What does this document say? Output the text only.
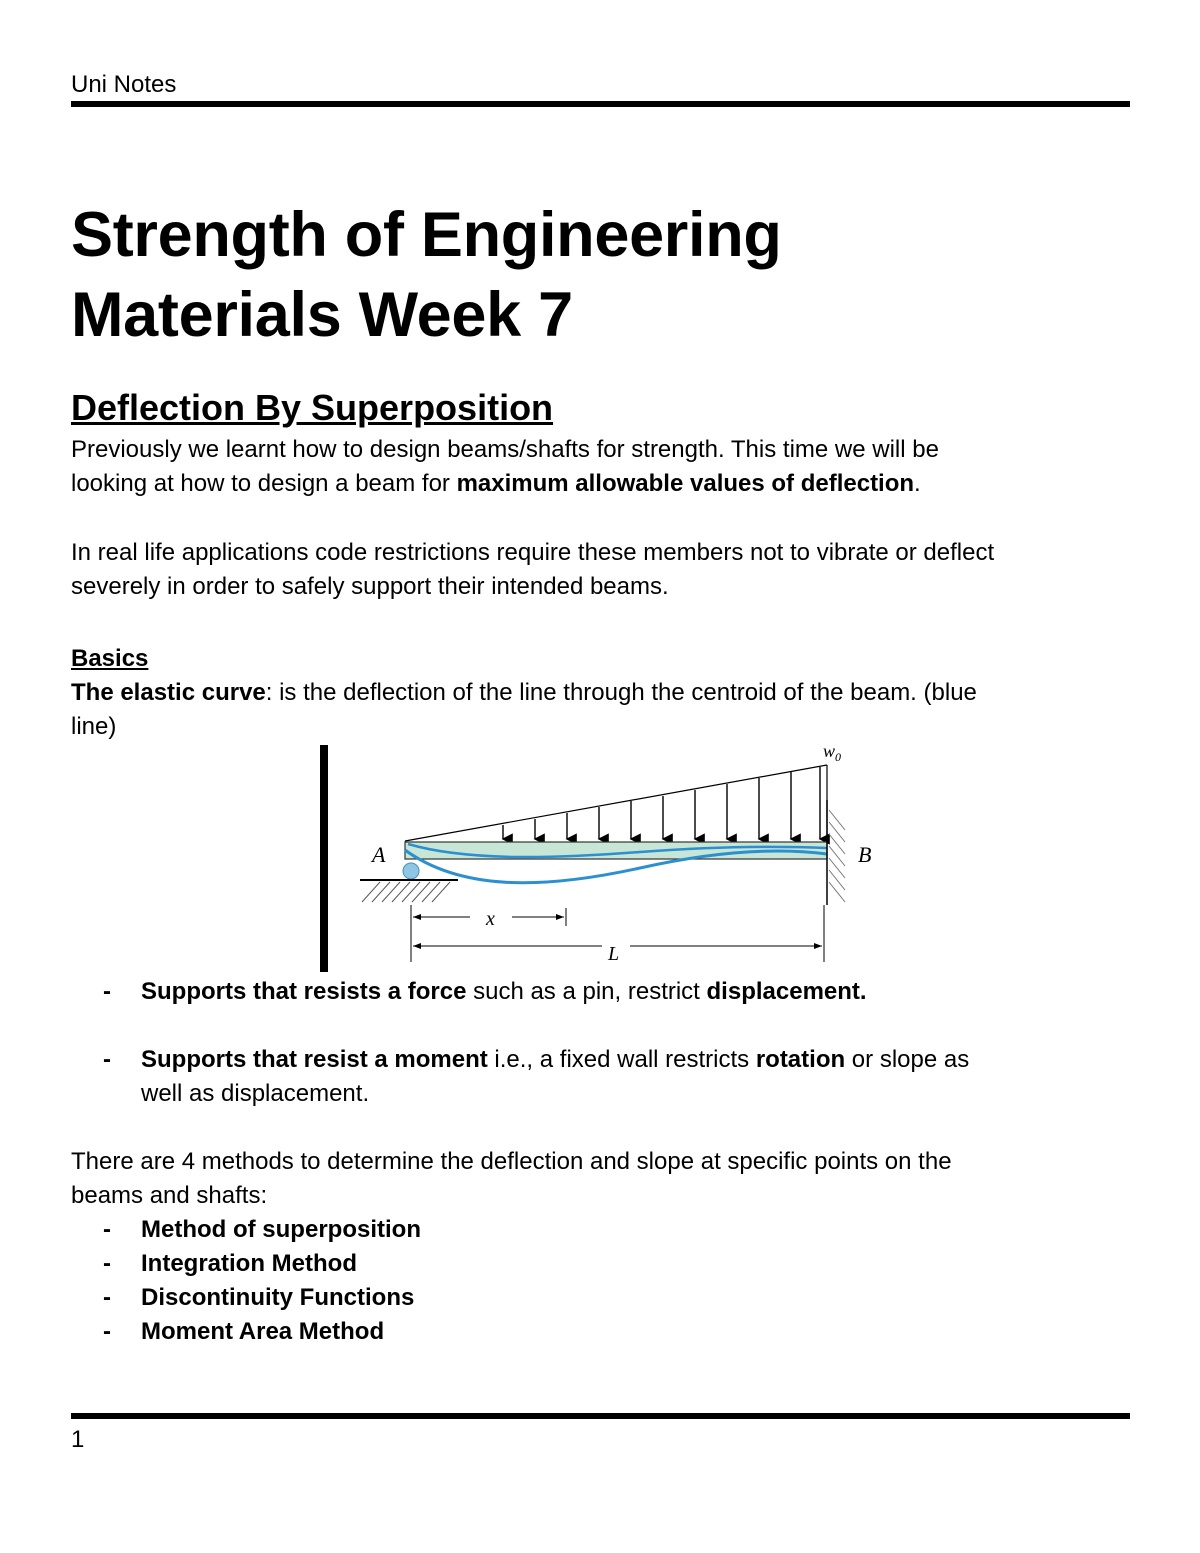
Uni Notes
Strength of Engineering
Materials Week 7
Deflection By Superposition
Previously we learnt how to design beams/shafts for strength. This time we will be
looking at how to design a beam for maximum allowable values of deflection.
In real life applications code restrictions require these members not to vibrate or deflect
severely in order to safely support their intended beams.
Basics
The elastic curve: is the deflection of the line through the centroid of the beam. (blue
line)
A	B
$w_0$
x
L
- Supports that resists a force such as a pin, restrict displacement.
- Supports that resist a moment i.e., a fixed wall restricts rotation or slope as
well as displacement.
There are 4 methods to determine the deflection and slope at specific points on the
beams and shafts:
- Method of superposition
- Integration Method
- Discontinuity Functions
- Moment Area Method
1
